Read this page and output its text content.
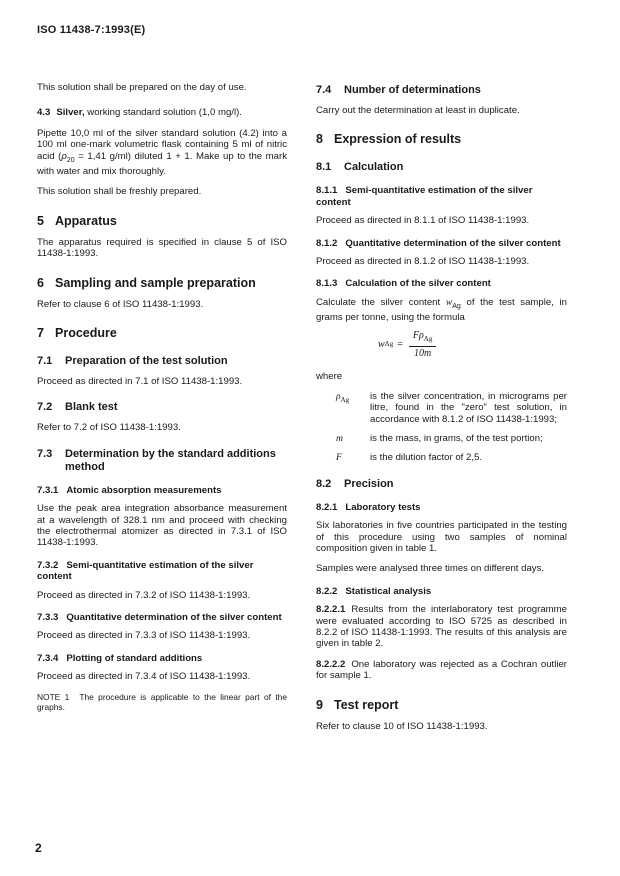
ISO 11438-7:1993(E)

This solution shall be prepared on the day of use.

4.3 Silver, working standard solution (1,0 mg/l).

Pipette 10,0 ml of the silver standard solution (4.2) into a 100 ml one-mark volumetric flask containing 5 ml of nitric acid ($\rho_{20} = 1,41$ g/ml) diluted 1 + 1. Make up to the mark with water and mix thoroughly.

This solution shall be freshly prepared.

5 Apparatus

The apparatus required is specified in clause 5 of ISO 11438-1:1993.

6 Sampling and sample preparation

Refer to clause 6 of ISO 11438-1:1993.

7 Procedure
7.1	Preparation of the test solution

Proceed as directed in 7.1 of ISO 11438-1:1993.

7.2	Blank test

Refer to 7.2 of ISO 11438-1:1993.

7.3	Determination by the standard additions method
7.3.1 Atomic absorption measurements

Use the peak area integration absorbance measurement at a wavelength of 328.1 nm and proceed with checking the electrothermal atomizer as directed in 7.3.1 of ISO 11438-1:1993.

7.3.2 Semi-quantitative estimation of the silver content

Proceed as directed in 7.3.2 of ISO 11438-1:1993.

7.3.3 Quantitative determination of the silver content

Proceed as directed in 7.3.3 of ISO 11438-1:1993.

7.3.4 Plotting of standard additions

Proceed as directed in 7.3.4 of ISO 11438-1:1993.

NOTE 1 The procedure is applicable to the linear part of the graphs.

7.4	Number of determinations

Carry out the determination at least in duplicate.

8 Expression of results
8.1	Calculation
8.1.1 Semi-quantitative estimation of the silver content

Proceed as directed in 8.1.1 of ISO 11438-1:1993.

8.1.2 Quantitative determination of the silver content

Proceed as directed in 8.1.2 of ISO 11438-1:1993.

8.1.3 Calculation of the silver content

Calculate the silver content $w_{Ag}$ of the test sample, in grams per tonne, using the formula

w $Ag = \frac{F\rho_{Ag}}{10m}$

where

$\rho_{Ag}$	is the silver concentration, in micrograms per litre, found in the "zero" test solution, in accordance with 8.1.2 of ISO 11438-1:1993;
m	is the mass, in grams, of the test portion;
F	is the dilution factor of 2,5.
8.2	Precision
8.2.1 Laboratory tests

Six laboratories in five countries participated in the testing of this procedure using two samples of nominal composition given in table 1.

Samples were analysed three times on different days.

8.2.2 Statistical analysis

8.2.2.1 Results from the interlaboratory test programme were evaluated according to ISO 5725 as described in 8.2.2 of ISO 11438-1:1993. The results of this analysis are given in table 2.

8.2.2.2 One laboratory was rejected as a Cochran outlier for sample 1.

9 Test report

Refer to clause 10 of ISO 11438-1:1993.

2
